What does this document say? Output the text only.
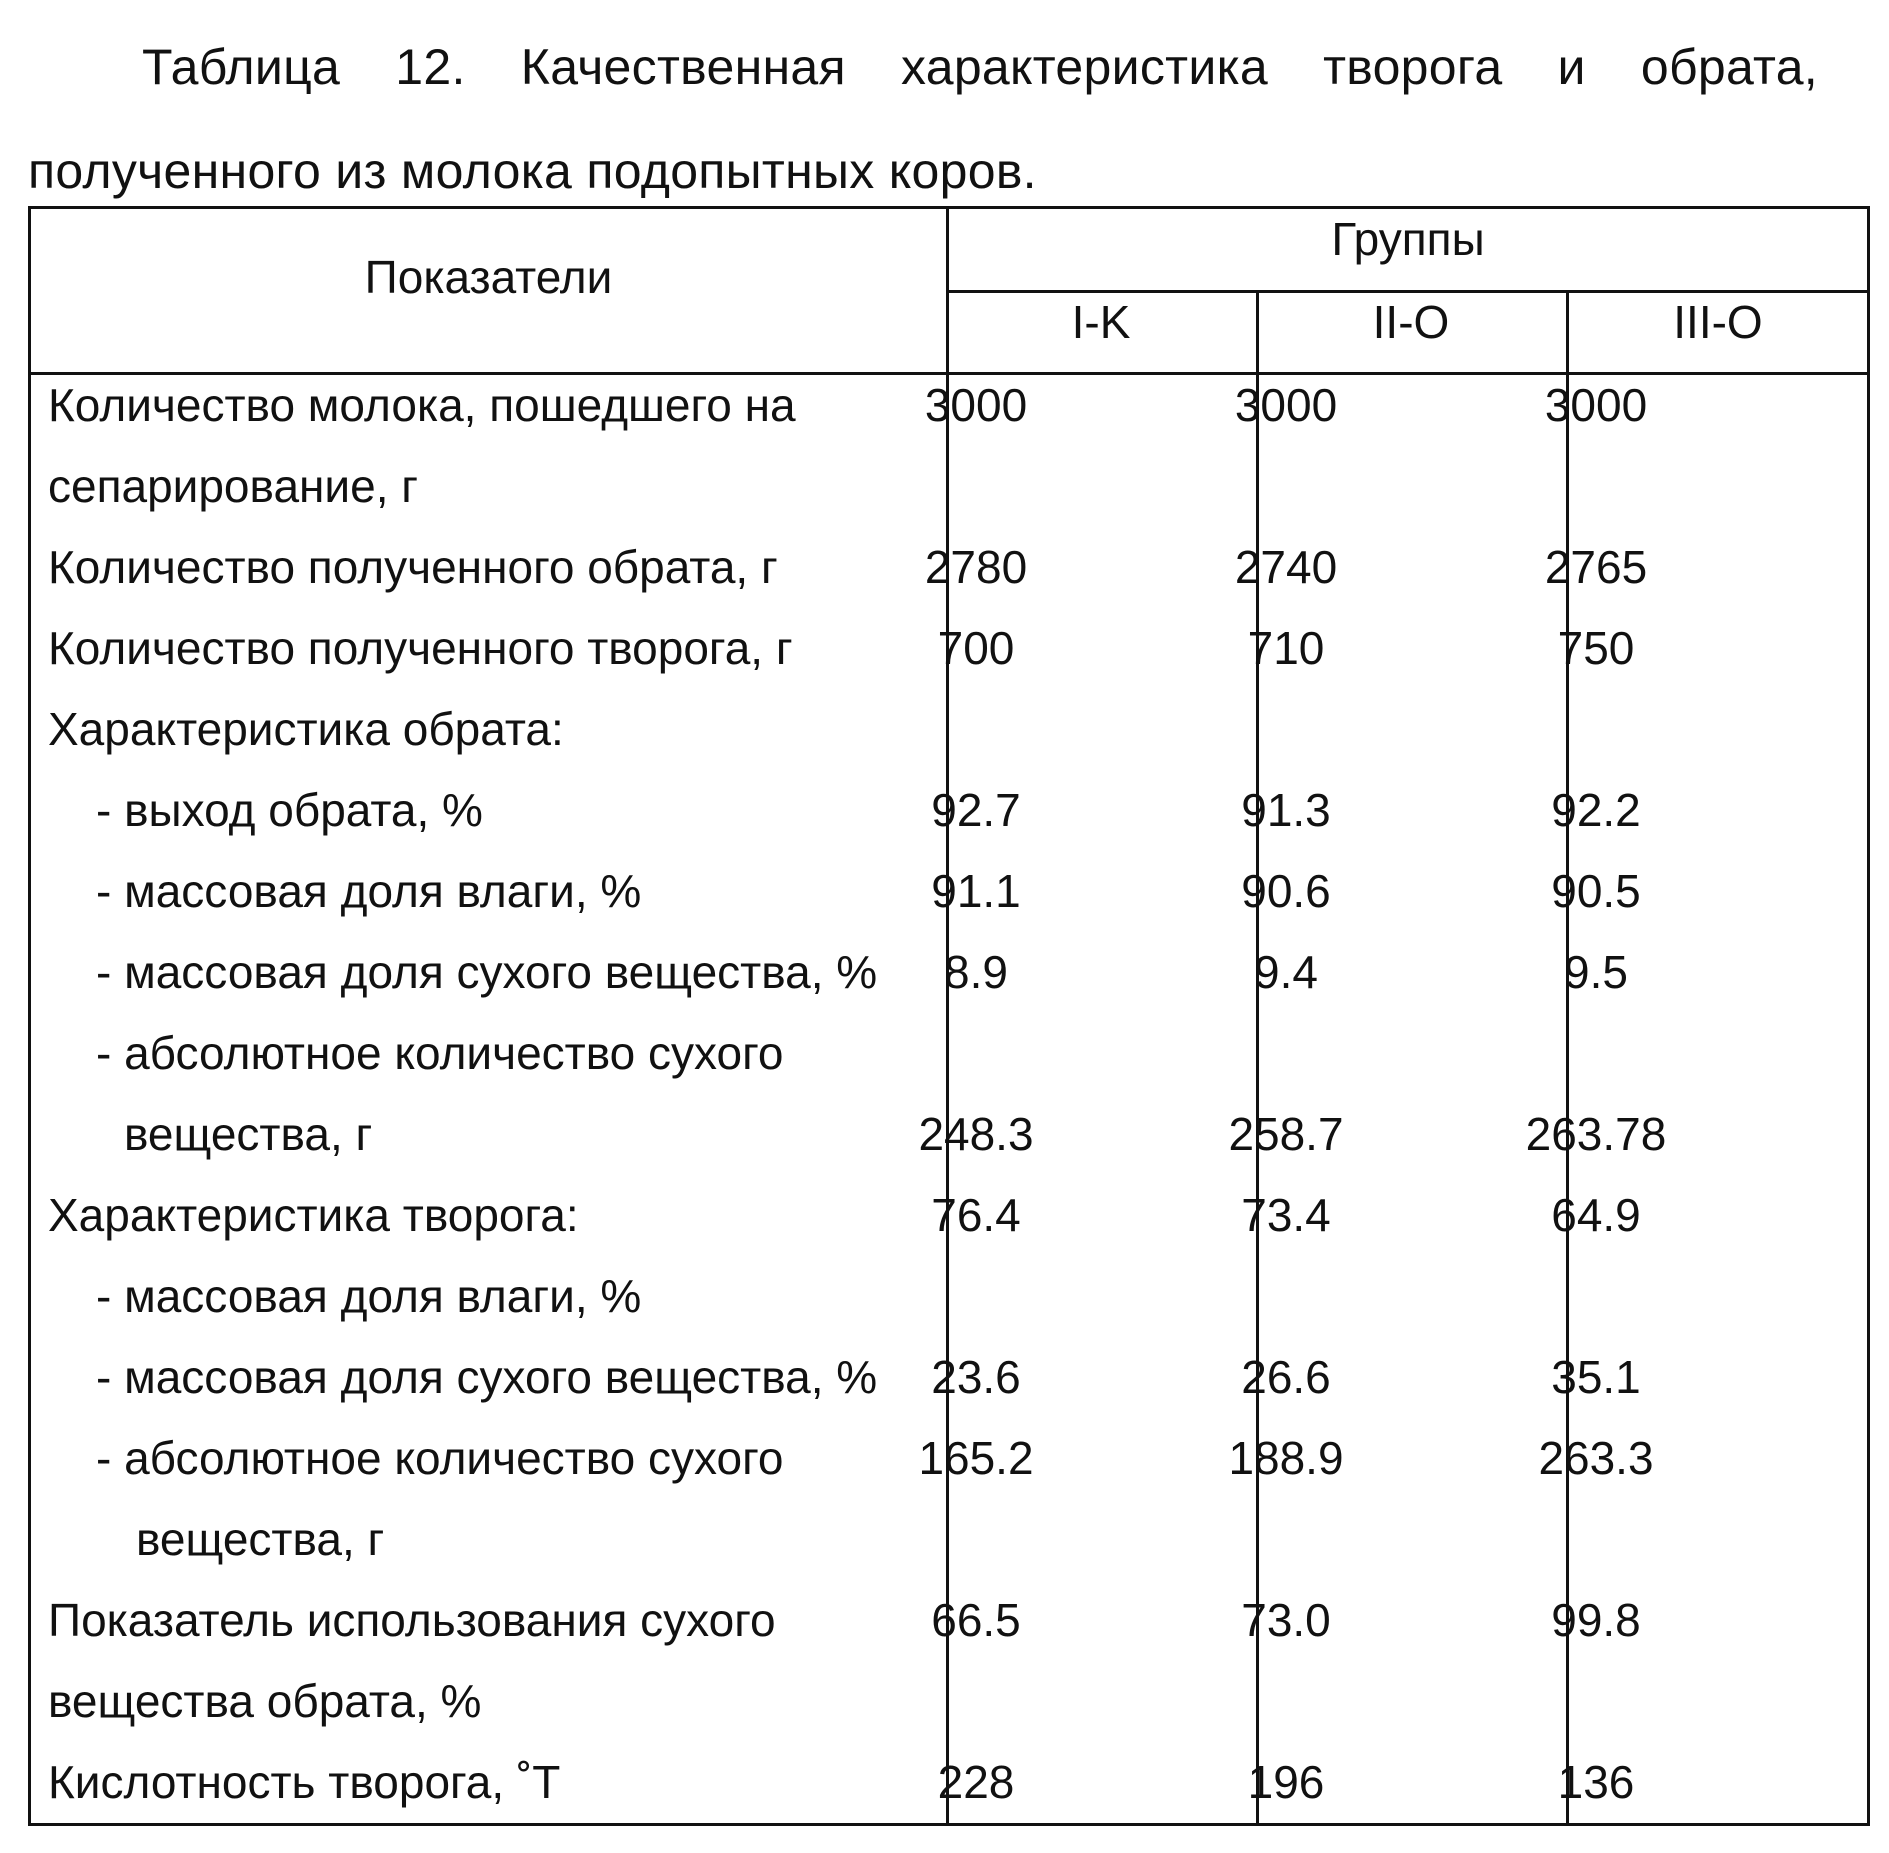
Таблица 12. Качественная характеристика творога и обрата,
полученного из молока подопытных коров.
Показатели
Группы
I-K	II-O	III-O
Количество молока, пошедшего на	3000	3000	3000
сепарирование, г
Количество полученного обрата, г	2780	2740	2765
Количество полученного творога, г	700	710	750
Характеристика обрата:
- выход обрата, %	92.7	91.3	92.2
- массовая доля влаги, %	91.1	90.6	90.5
- массовая доля сухого вещества, %	8.9	9.4	9.5
- абсолютное количество сухого
вещества, г	248.3	258.7	263.78
Характеристика творога:	76.4	73.4	64.9
- массовая доля влаги, %
- массовая доля сухого вещества, %	23.6	26.6	35.1
- абсолютное количество сухого	165.2	188.9	263.3
вещества, г
Показатель использования сухого	66.5	73.0	99.8
вещества обрата, %
Кислотность творога, ˚Т	228	196	136
